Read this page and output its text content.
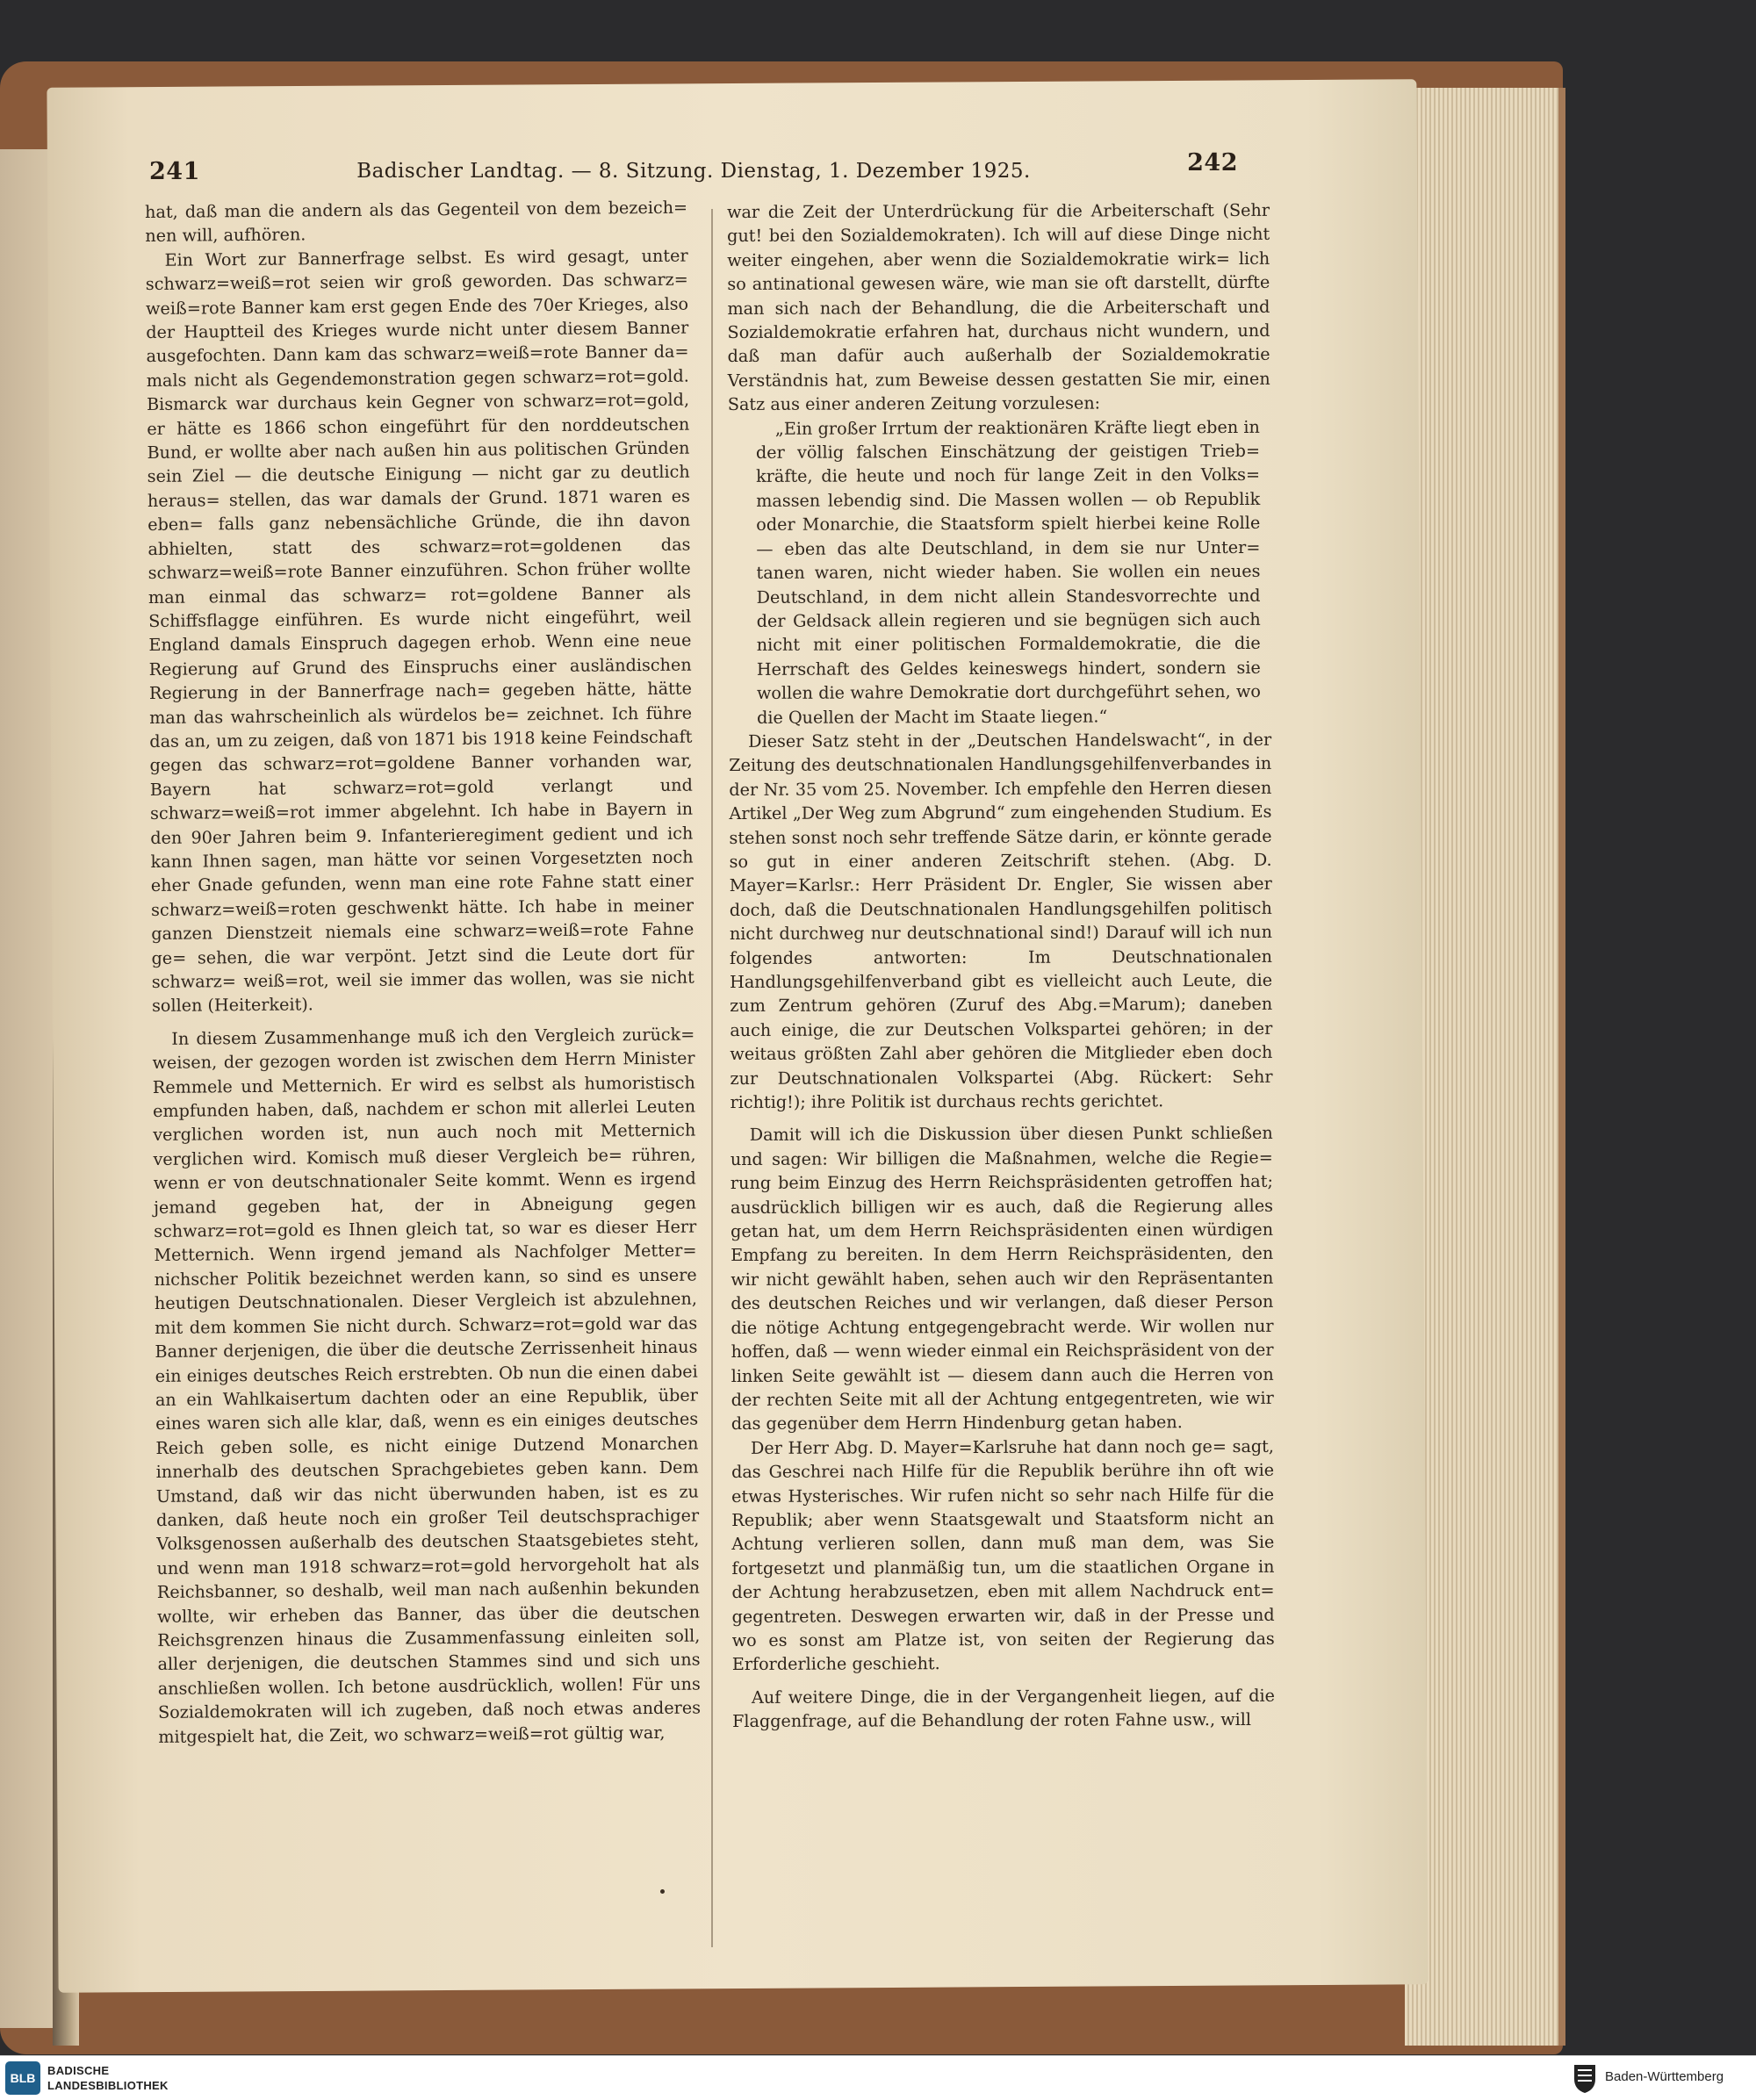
241	Badischer Landtag. — 8. Sitzung. Dienstag, 1. Dezember 1925.	242

hat, daß man die andern als das Gegenteil von dem bezeich= nen will, aufhören.

Ein Wort zur Bannerfrage selbst. Es wird gesagt, unter schwarz=weiß=rot seien wir groß geworden. Das schwarz= weiß=rote Banner kam erst gegen Ende des 70er Krieges, also der Hauptteil des Krieges wurde nicht unter diesem Banner ausgefochten. Dann kam das schwarz=weiß=rote Banner da= mals nicht als Gegendemonstration gegen schwarz=rot=gold. Bismarck war durchaus kein Gegner von schwarz=rot=gold, er hätte es 1866 schon eingeführt für den norddeutschen Bund, er wollte aber nach außen hin aus politischen Gründen sein Ziel — die deutsche Einigung — nicht gar zu deutlich heraus= stellen, das war damals der Grund. 1871 waren es eben= falls ganz nebensächliche Gründe, die ihn davon abhielten, statt des schwarz=rot=goldenen das schwarz=weiß=rote Banner einzuführen. Schon früher wollte man einmal das schwarz= rot=goldene Banner als Schiffsflagge einführen. Es wurde nicht eingeführt, weil England damals Einspruch dagegen erhob. Wenn eine neue Regierung auf Grund des Einspruchs einer ausländischen Regierung in der Bannerfrage nach= gegeben hätte, hätte man das wahrscheinlich als würdelos be= zeichnet. Ich führe das an, um zu zeigen, daß von 1871 bis 1918 keine Feindschaft gegen das schwarz=rot=goldene Banner vorhanden war, Bayern hat schwarz=rot=gold verlangt und schwarz=weiß=rot immer abgelehnt. Ich habe in Bayern in den 90er Jahren beim 9. Infanterieregiment gedient und ich kann Ihnen sagen, man hätte vor seinen Vorgesetzten noch eher Gnade gefunden, wenn man eine rote Fahne statt einer schwarz=weiß=roten geschwenkt hätte. Ich habe in meiner ganzen Dienstzeit niemals eine schwarz=weiß=rote Fahne ge= sehen, die war verpönt. Jetzt sind die Leute dort für schwarz= weiß=rot, weil sie immer das wollen, was sie nicht sollen (Heiterkeit).

In diesem Zusammenhange muß ich den Vergleich zurück= weisen, der gezogen worden ist zwischen dem Herrn Minister Remmele und Metternich. Er wird es selbst als humoristisch empfunden haben, daß, nachdem er schon mit allerlei Leuten verglichen worden ist, nun auch noch mit Metternich verglichen wird. Komisch muß dieser Vergleich be= rühren, wenn er von deutschnationaler Seite kommt. Wenn es irgend jemand gegeben hat, der in Abneigung gegen schwarz=rot=gold es Ihnen gleich tat, so war es dieser Herr Metternich. Wenn irgend jemand als Nachfolger Metter= nichscher Politik bezeichnet werden kann, so sind es unsere heutigen Deutschnationalen. Dieser Vergleich ist abzulehnen, mit dem kommen Sie nicht durch. Schwarz=rot=gold war das Banner derjenigen, die über die deutsche Zerrissenheit hinaus ein einiges deutsches Reich erstrebten. Ob nun die einen dabei an ein Wahlkaisertum dachten oder an eine Republik, über eines waren sich alle klar, daß, wenn es ein einiges deutsches Reich geben solle, es nicht einige Dutzend Monarchen innerhalb des deutschen Sprachgebietes geben kann. Dem Umstand, daß wir das nicht überwunden haben, ist es zu danken, daß heute noch ein großer Teil deutschsprachiger Volksgenossen außerhalb des deutschen Staatsgebietes steht, und wenn man 1918 schwarz=rot=gold hervorgeholt hat als Reichsbanner, so deshalb, weil man nach außenhin bekunden wollte, wir erheben das Banner, das über die deutschen Reichsgrenzen hinaus die Zusammenfassung einleiten soll, aller derjenigen, die deutschen Stammes sind und sich uns anschließen wollen. Ich betone ausdrücklich, wollen! Für uns Sozialdemokraten will ich zugeben, daß noch etwas anderes mitgespielt hat, die Zeit, wo schwarz=weiß=rot gültig war,

war die Zeit der Unterdrückung für die Arbeiterschaft (Sehr gut! bei den Sozialdemokraten). Ich will auf diese Dinge nicht weiter eingehen, aber wenn die Sozialdemokratie wirk= lich so antinational gewesen wäre, wie man sie oft darstellt, dürfte man sich nach der Behandlung, die die Arbeiterschaft und Sozialdemokratie erfahren hat, durchaus nicht wundern, und daß man dafür auch außerhalb der Sozialdemokratie Verständnis hat, zum Beweise dessen gestatten Sie mir, einen Satz aus einer anderen Zeitung vorzulesen:

„Ein großer Irrtum der reaktionären Kräfte liegt eben in der völlig falschen Einschätzung der geistigen Trieb= kräfte, die heute und noch für lange Zeit in den Volks= massen lebendig sind. Die Massen wollen — ob Republik oder Monarchie, die Staatsform spielt hierbei keine Rolle — eben das alte Deutschland, in dem sie nur Unter= tanen waren, nicht wieder haben. Sie wollen ein neues Deutschland, in dem nicht allein Standesvorrechte und der Geldsack allein regieren und sie begnügen sich auch nicht mit einer politischen Formaldemokratie, die die Herrschaft des Geldes keineswegs hindert, sondern sie wollen die wahre Demokratie dort durchgeführt sehen, wo die Quellen der Macht im Staate liegen.“

Dieser Satz steht in der „Deutschen Handelswacht“, in der Zeitung des deutschnationalen Handlungsgehilfenverbandes in der Nr. 35 vom 25. November. Ich empfehle den Herren diesen Artikel „Der Weg zum Abgrund“ zum eingehenden Studium. Es stehen sonst noch sehr treffende Sätze darin, er könnte gerade so gut in einer anderen Zeitschrift stehen. (Abg. D. Mayer=Karlsr.: Herr Präsident Dr. Engler, Sie wissen aber doch, daß die Deutschnationalen Handlungsgehilfen politisch nicht durchweg nur deutschnational sind!) Darauf will ich nun folgendes antworten: Im Deutschnationalen Handlungsgehilfenverband gibt es vielleicht auch Leute, die zum Zentrum gehören (Zuruf des Abg.=Marum); daneben auch einige, die zur Deutschen Volkspartei gehören; in der weitaus größten Zahl aber gehören die Mitglieder eben doch zur Deutschnationalen Volkspartei (Abg. Rückert: Sehr richtig!); ihre Politik ist durchaus rechts gerichtet.

Damit will ich die Diskussion über diesen Punkt schließen und sagen: Wir billigen die Maßnahmen, welche die Regie= rung beim Einzug des Herrn Reichspräsidenten getroffen hat; ausdrücklich billigen wir es auch, daß die Regierung alles getan hat, um dem Herrn Reichspräsidenten einen würdigen Empfang zu bereiten. In dem Herrn Reichspräsidenten, den wir nicht gewählt haben, sehen auch wir den Repräsentanten des deutschen Reiches und wir verlangen, daß dieser Person die nötige Achtung entgegengebracht werde. Wir wollen nur hoffen, daß — wenn wieder einmal ein Reichspräsident von der linken Seite gewählt ist — diesem dann auch die Herren von der rechten Seite mit all der Achtung entgegentreten, wie wir das gegenüber dem Herrn Hindenburg getan haben.

Der Herr Abg. D. Mayer=Karlsruhe hat dann noch ge= sagt, das Geschrei nach Hilfe für die Republik berühre ihn oft wie etwas Hysterisches. Wir rufen nicht so sehr nach Hilfe für die Republik; aber wenn Staatsgewalt und Staatsform nicht an Achtung verlieren sollen, dann muß man dem, was Sie fortgesetzt und planmäßig tun, um die staatlichen Organe in der Achtung herabzusetzen, eben mit allem Nachdruck ent= gegentreten. Deswegen erwarten wir, daß in der Presse und wo es sonst am Platze ist, von seiten der Regierung das Erforderliche geschieht.

Auf weitere Dinge, die in der Vergangenheit liegen, auf die Flaggenfrage, auf die Behandlung der roten Fahne usw., will

BLB
BADISCHE
LANDESBIBLIOTHEK
Baden-Württemberg
